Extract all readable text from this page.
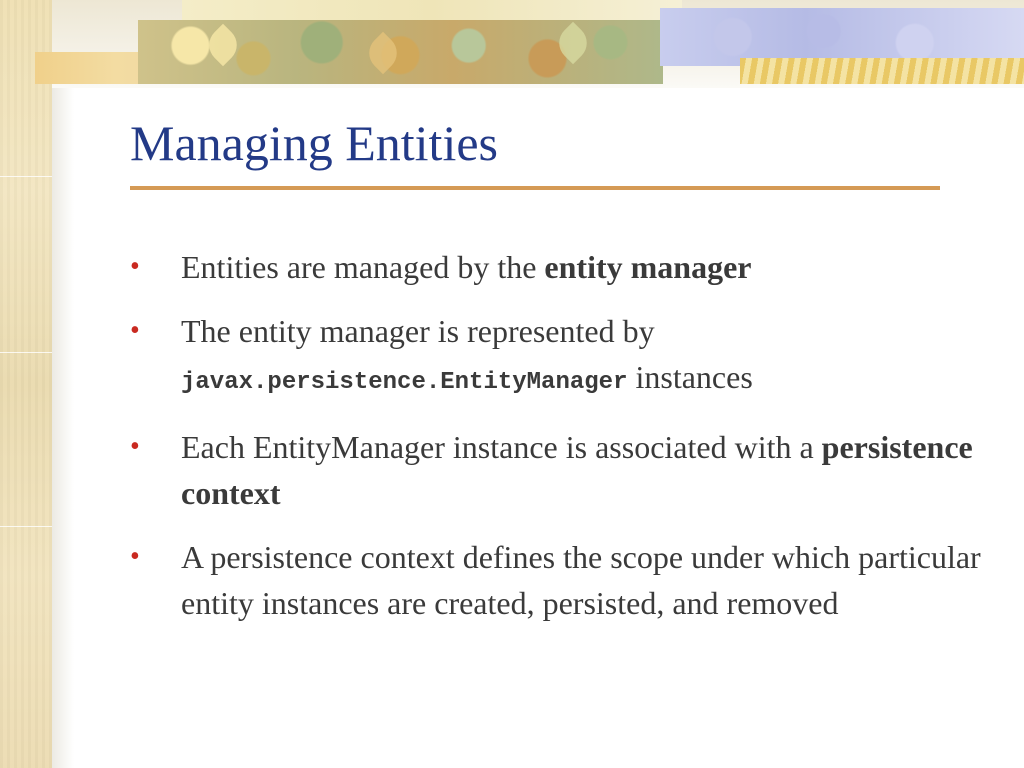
Managing Entities
• Entities are managed by the entity manager
• The entity manager is represented by javax.persistence.EntityManager instances
• Each EntityManager instance is associated with a persistence context
• A persistence context defines the scope under which particular entity instances are created, persisted, and removed
